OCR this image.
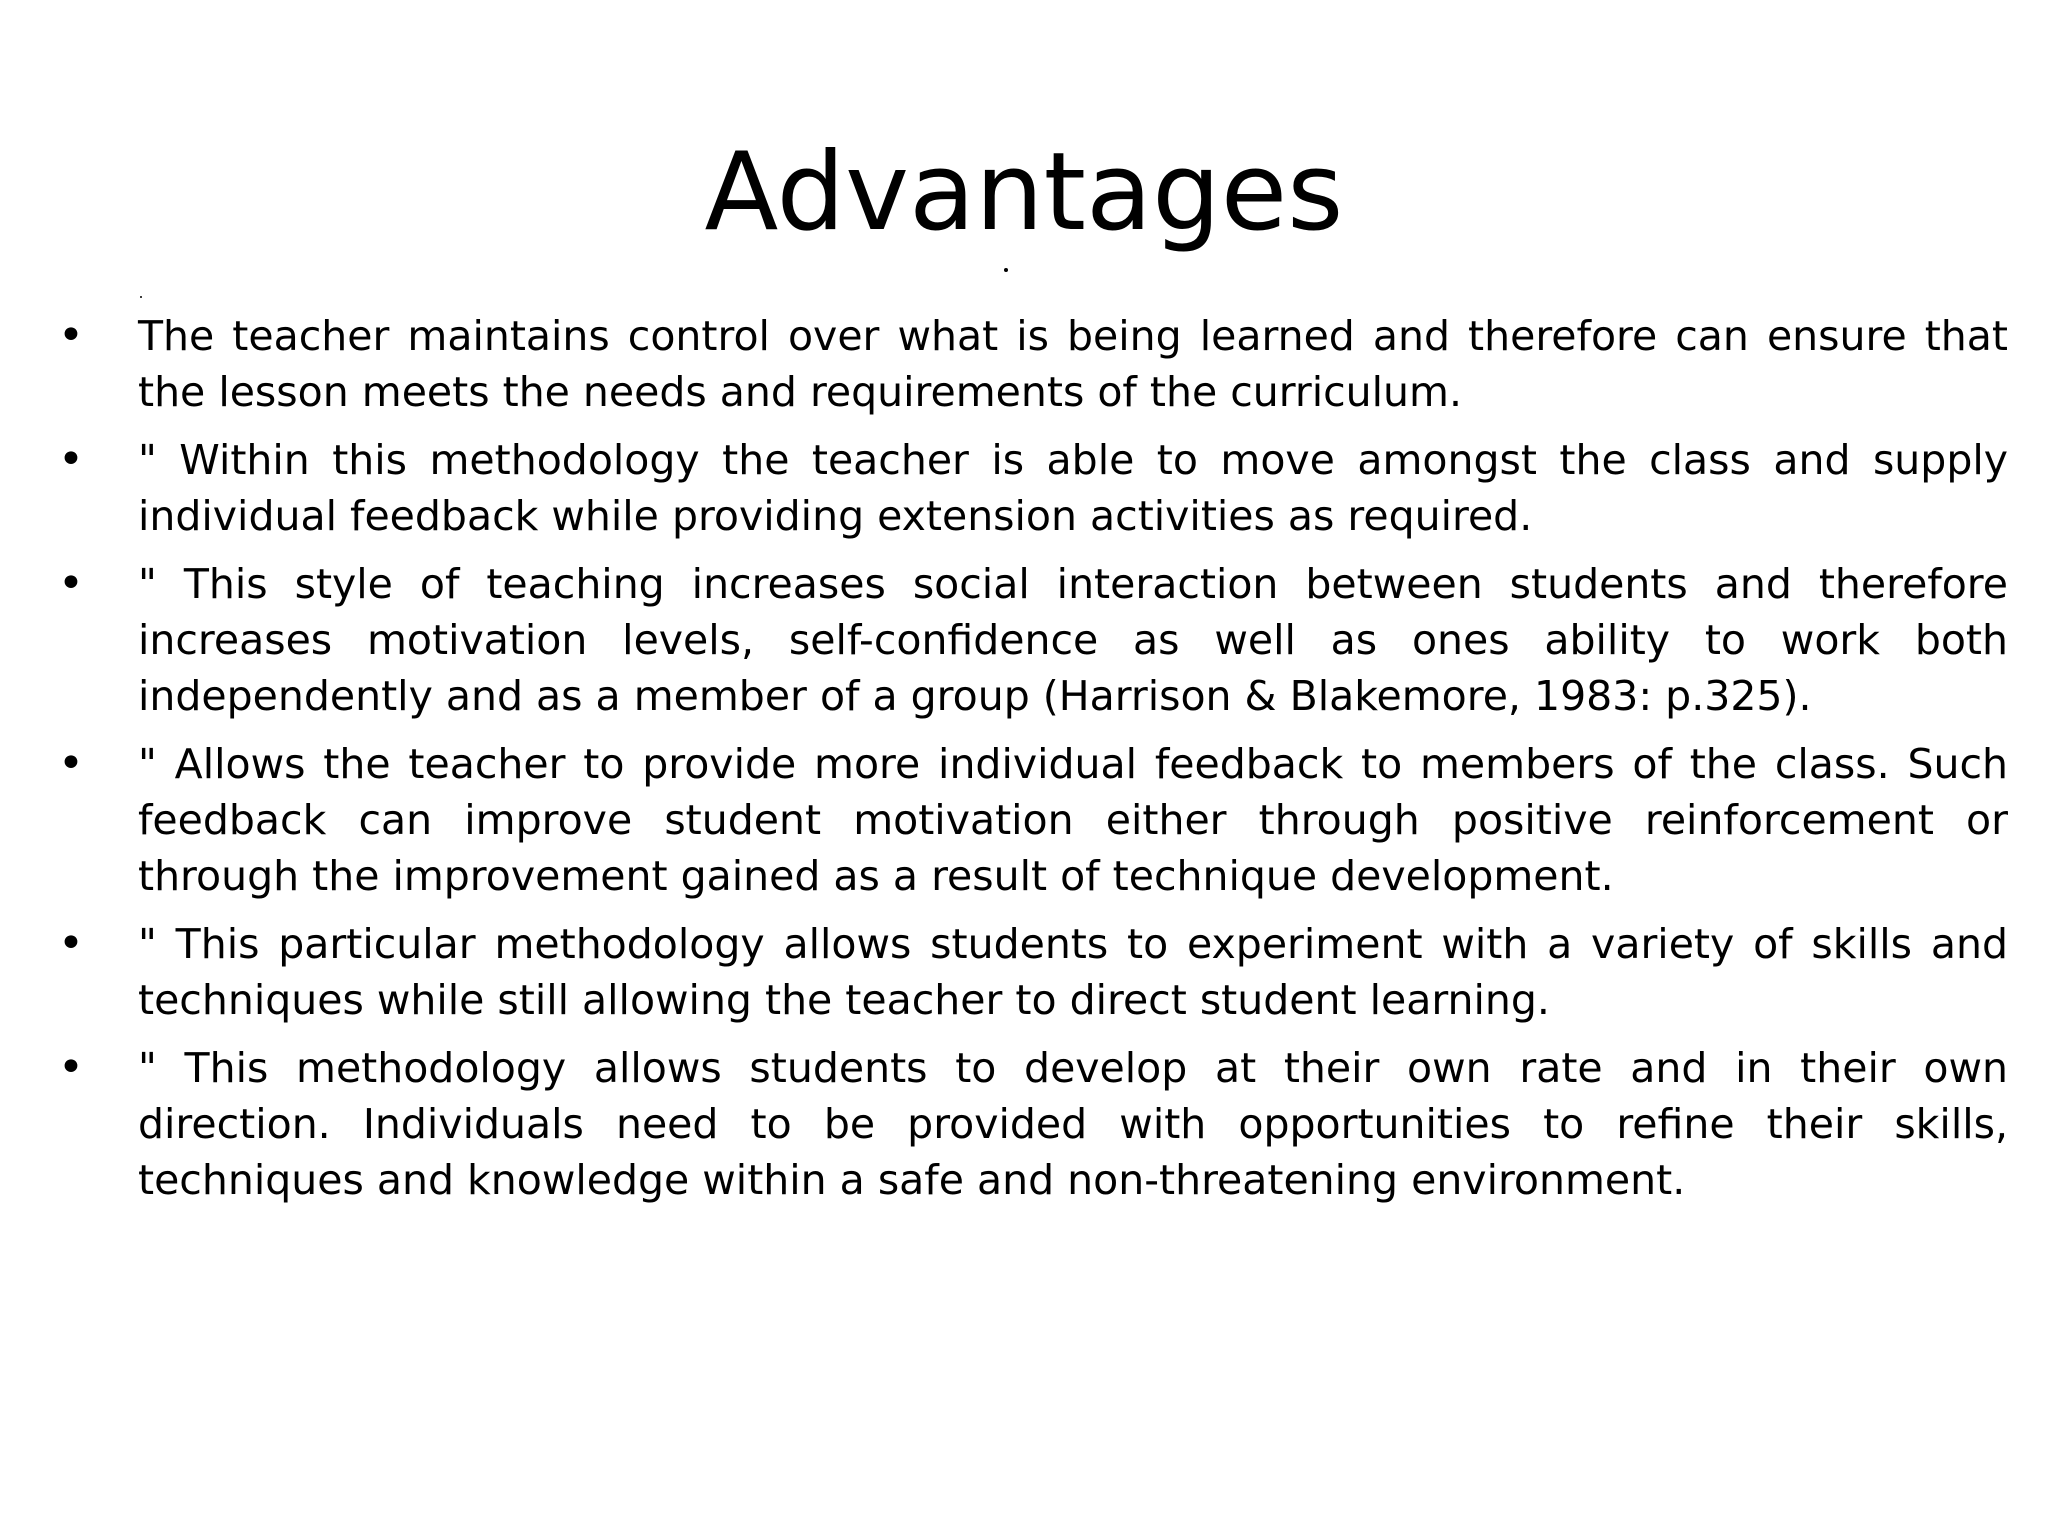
Advantages
• The teacher maintains control over what is being learned and therefore can ensure that the lesson meets the needs and requirements of the curriculum.
• " Within this methodology the teacher is able to move amongst the class and supply individual feedback while providing extension activities as required.
• " This style of teaching increases social interaction between students and therefore increases motivation levels, self-confidence as well as ones ability to work both independently and as a member of a group (Harrison & Blakemore, 1983: p.325).
• " Allows the teacher to provide more individual feedback to members of the class. Such feedback can improve student motivation either through positive reinforcement or through the improvement gained as a result of technique development.
• " This particular methodology allows students to experiment with a variety of skills and techniques while still allowing the teacher to direct student learning.
• " This methodology allows students to develop at their own rate and in their own direction. Individuals need to be provided with opportunities to refine their skills, techniques and knowledge within a safe and non-threatening environment.
